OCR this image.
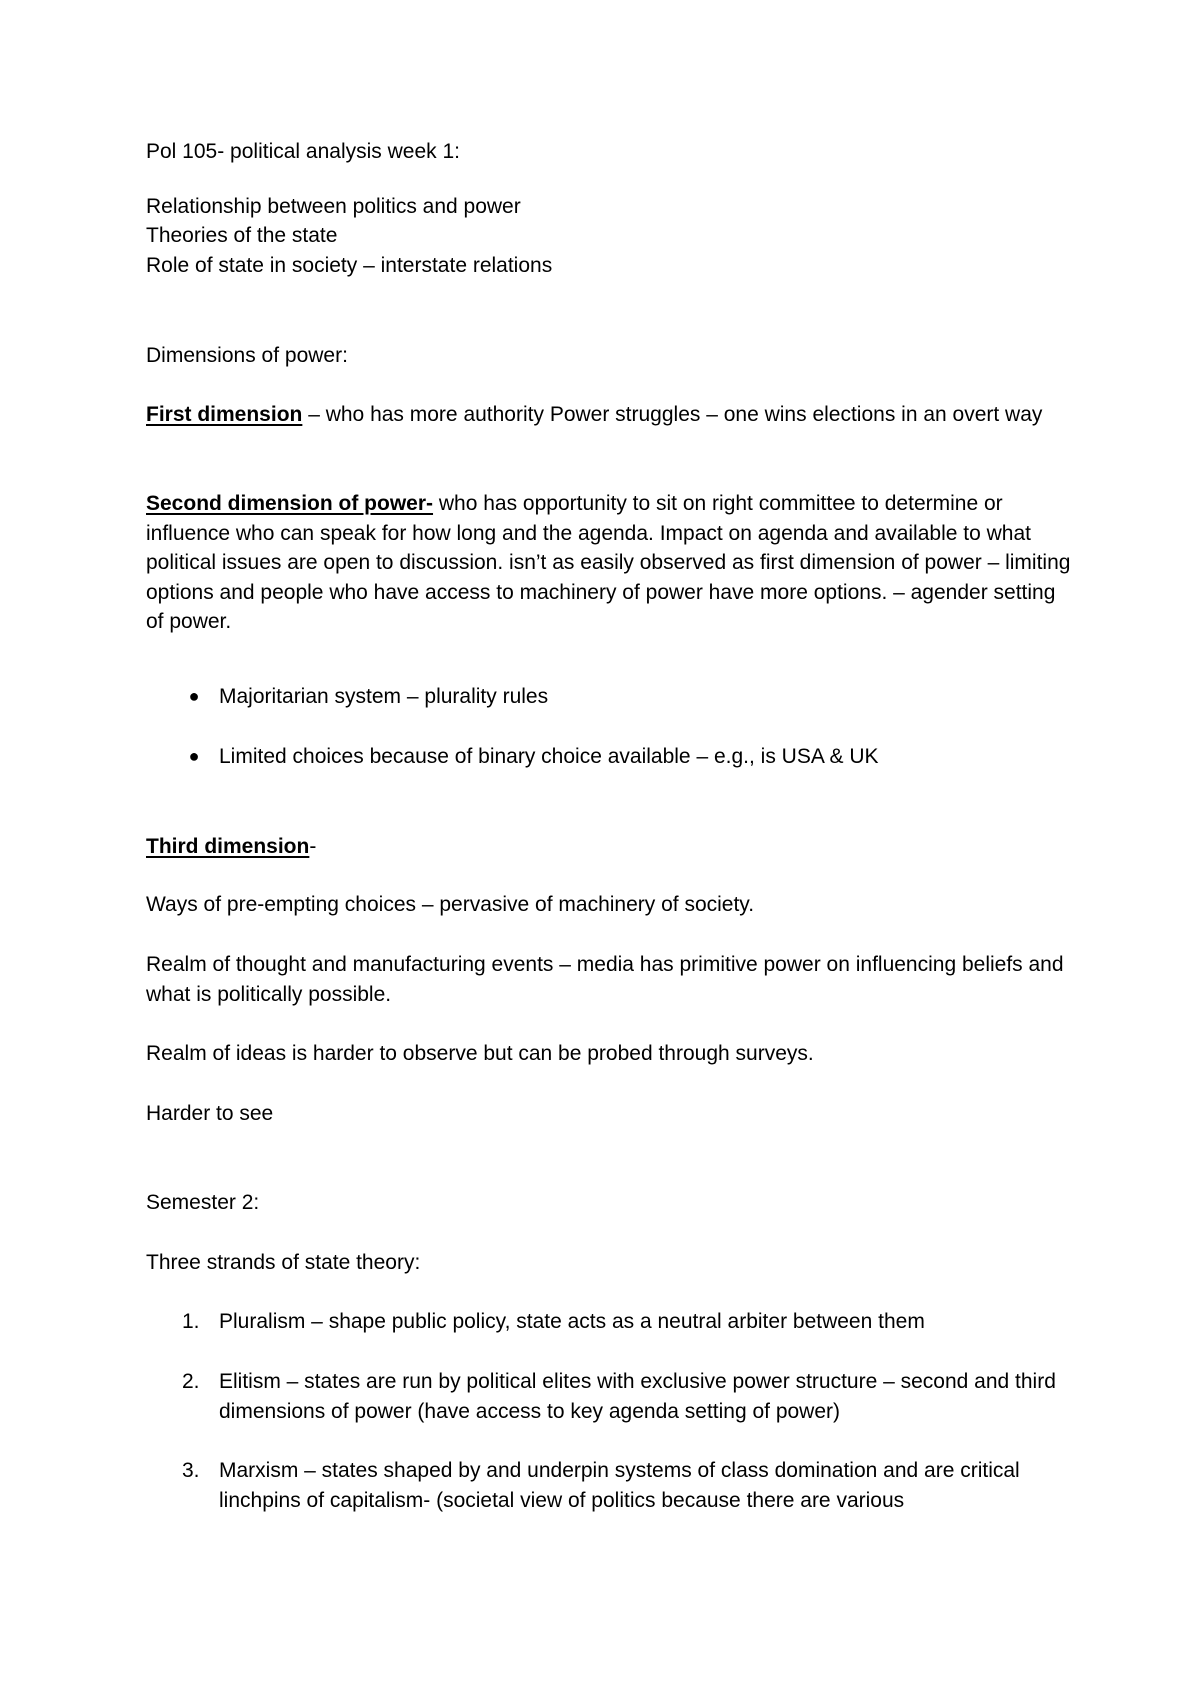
Pol 105- political analysis week 1:

Relationship between politics and power

Theories of the state

Role of state in society – interstate relations

Dimensions of power:

First dimension – who has more authority Power struggles – one wins elections in an overt way

Second dimension of power- who has opportunity to sit on right committee to determine or influence who can speak for how long and the agenda. Impact on agenda and available to what political issues are open to discussion. isn’t as easily observed as first dimension of power – limiting options and people who have access to machinery of power have more options. – agender setting of power.

● Majoritarian system – plurality rules
● Limited choices because of binary choice available – e.g., is USA & UK

Third dimension-

Ways of pre-empting choices – pervasive of machinery of society.

Realm of thought and manufacturing events – media has primitive power on influencing beliefs and what is politically possible.

Realm of ideas is harder to observe but can be probed through surveys.

Harder to see

Semester 2:

Three strands of state theory:

1. Pluralism – shape public policy, state acts as a neutral arbiter between them
2. Elitism – states are run by political elites with exclusive power structure – second and third dimensions of power (have access to key agenda setting of power)
3. Marxism – states shaped by and underpin systems of class domination and are critical linchpins of capitalism- (societal view of politics because there are various
